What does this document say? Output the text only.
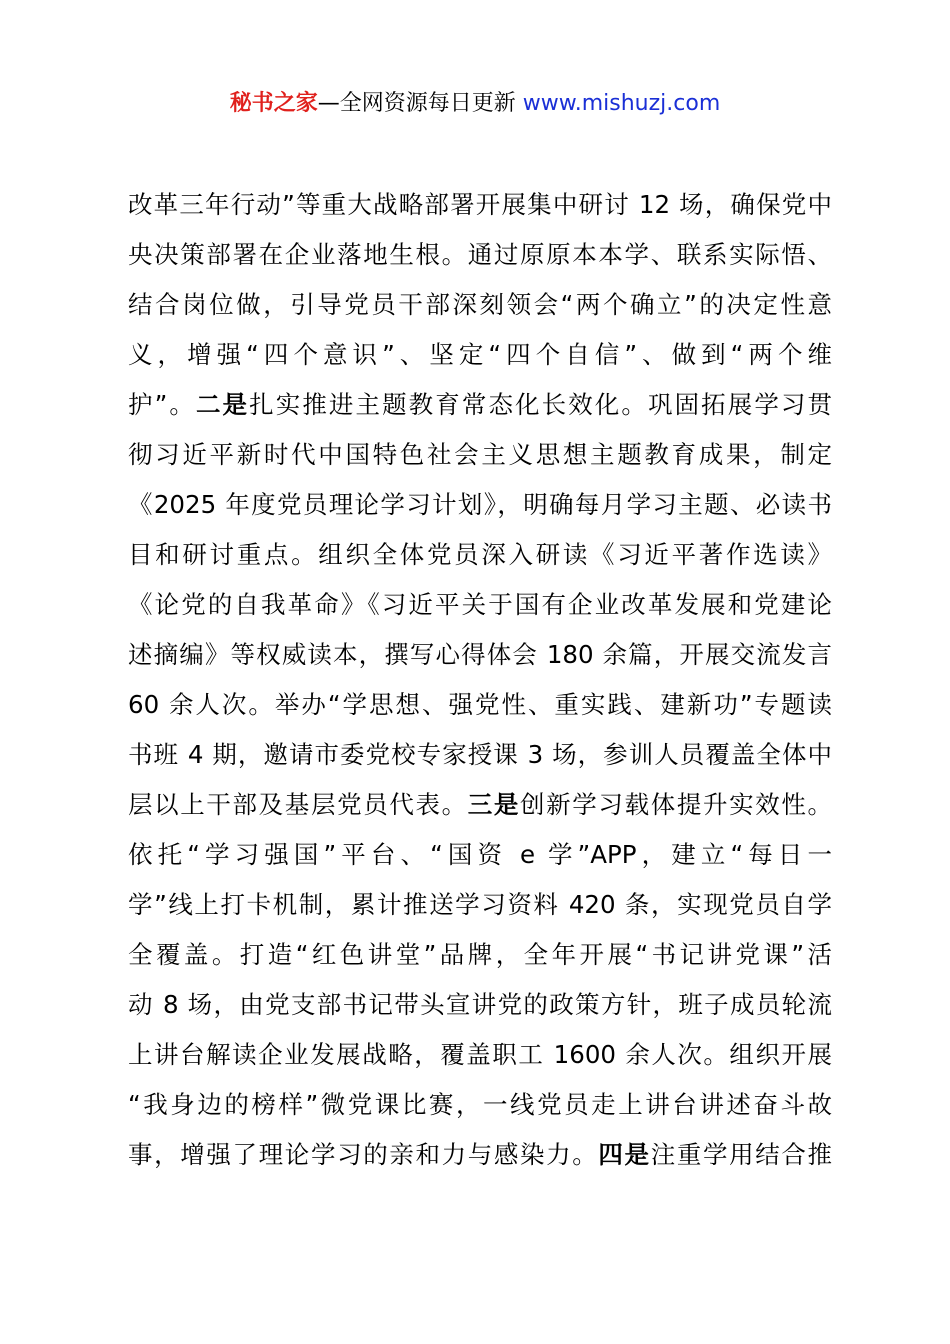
秘书之家—全网资源每日更新 www.mishuzj.com
改革三年行动”等重大战略部署开展集中研讨 12 场，确保党中
央决策部署在企业落地生根。通过原原本本学、联系实际悟、
结合岗位做，引导党员干部深刻领会“两个确立”的决定性意
义，增强“四个意识”、坚定“四个自信”、做到“两个维
护”。二是扎实推进主题教育常态化长效化。巩固拓展学习贯
彻习近平新时代中国特色社会主义思想主题教育成果，制定
《2025 年度党员理论学习计划》，明确每月学习主题、必读书
目和研讨重点。组织全体党员深入研读《习近平著作选读》
《论党的自我革命》《习近平关于国有企业改革发展和党建论
述摘编》等权威读本，撰写心得体会 180 余篇，开展交流发言
60 余人次。举办“学思想、强党性、重实践、建新功”专题读
书班 4 期，邀请市委党校专家授课 3 场，参训人员覆盖全体中
层以上干部及基层党员代表。三是创新学习载体提升实效性。
依托“学习强国”平台、“国资 e 学”APP，建立“每日一
学”线上打卡机制，累计推送学习资料 420 条，实现党员自学
全覆盖。打造“红色讲堂”品牌，全年开展“书记讲党课”活
动 8 场，由党支部书记带头宣讲党的政策方针，班子成员轮流
上讲台解读企业发展战略，覆盖职工 1600 余人次。组织开展
“我身边的榜样”微党课比赛，一线党员走上讲台讲述奋斗故
事，增强了理论学习的亲和力与感染力。四是注重学用结合推
